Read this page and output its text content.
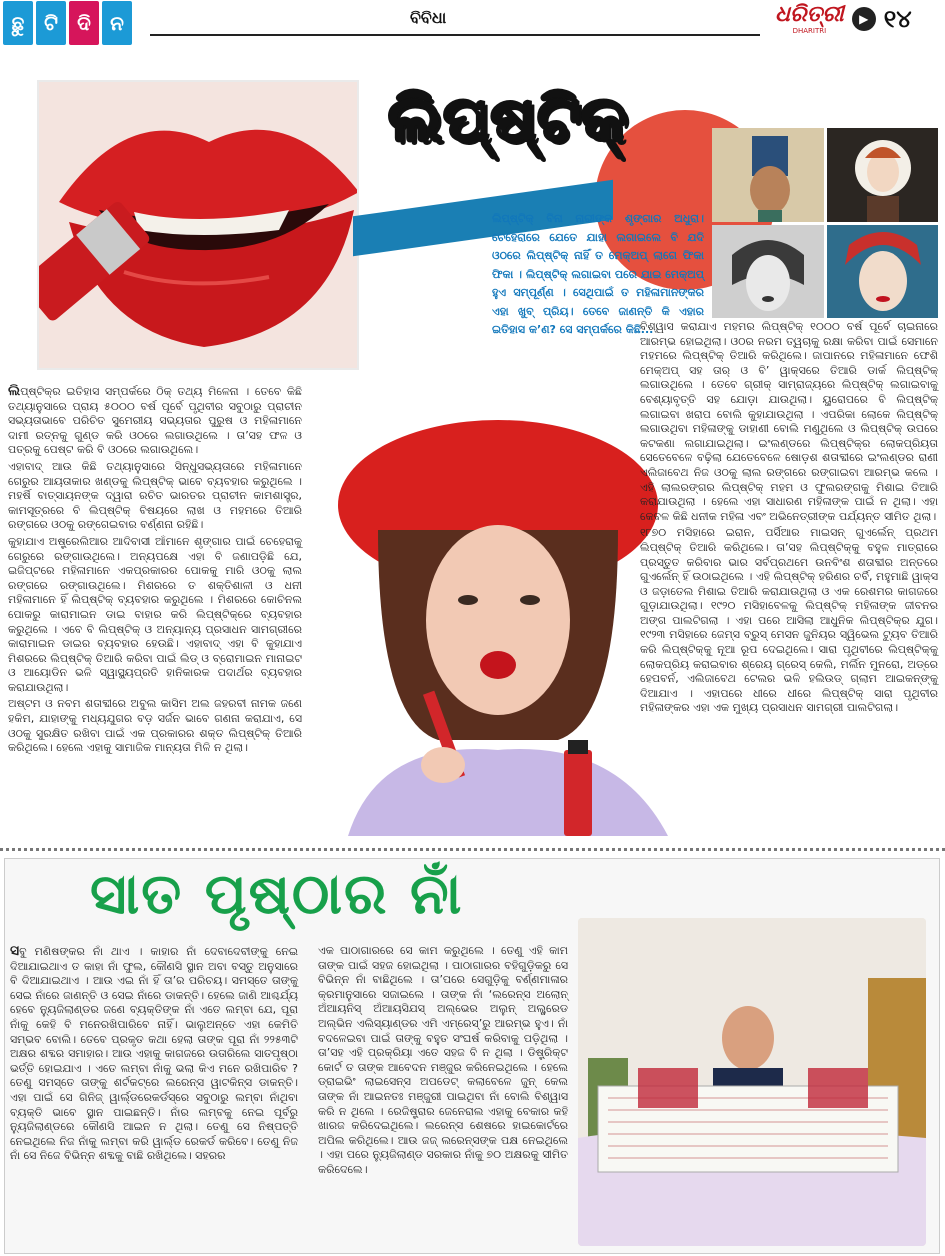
ଛୁ ଟି ଦି ନ	ବିବିଧା	ଧରିତ୍ରୀ
DHARITRI
▶ ୧୪
ଲିପ୍‌ଷ୍ଟିକ୍‌
ଲିପ୍‌ଷ୍ଟିକ୍ ବିନା ନାରୀଙ୍କ ଶୃଙ୍ଗାର ଅଧୁରା। ଚେହେରାରେ ଯେତେ ଯାହା ଲଗାଇଲେ ବି ଯଦି ଓଠରେ ଲିପ୍‌ଷ୍ଟିକ୍ ନାହିଁ ତ ମେକ୍‌ଅପ୍ ଲାଗେ ଫିକା ଫିକା । ଲିପ୍‌ଷ୍ଟିକ୍ ଲଗାଇବା ପରେ ଯାଇ ମେକ୍‌ଅପ୍ ହୁଏ ସମ୍ପୂର୍ଣ୍ଣ । ସେଥିପାଇଁ ତ ମହିଳାମାନଙ୍କର ଏହା ଖୁବ୍ ପ୍ରିୟ। ତେବେ ଜାଣନ୍ତି କି ଏହାର ଇତିହାସ କ’ଣ? ସେ ସମ୍ପର୍କରେ କିଛି...

ଲିପ୍‌ଷ୍ଟିକ୍‌ର ଇତିହାସ ସମ୍ପର୍କରେ ଠିକ୍ ତଥ୍ୟ ମିଳେନା । ତେବେ କିଛି ତଥ୍ୟାନୁସାରେ ପ୍ରାୟ ୫୦୦୦ ବର୍ଷ ପୂର୍ବେ ପୃଥିବୀର ସବୁଠାରୁ ପ୍ରାଚୀନ ସଭ୍ୟତାଭାବେ ପରିଚିତ ସୁମେରୀୟ ସଭ୍ୟତାର ପୁରୁଷ ଓ ମହିଳାମାନେ ଦାମୀ ରତ୍ନକୁ ଗୁଣ୍ଡ କରି ଓଠରେ ଲଗାଉଥିଲେ । ତା’ସହ ଫଳ ଓ ପତ୍ରକୁ ପେଷ୍ଟ କରି ବି ଓଠରେ ଲଗାଉଥିଲେ।

ଏହାବାଦ୍ ଆଉ କିଛି ତଥ୍ୟାନୁସାରେ ସିନ୍ଧୁସଭ୍ୟତାରେ ମହିଳାମାନେ ଗେରୁର ଆୟତାକାର ଖଣ୍ଡକୁ ଲିପ୍‌ଷ୍ଟିକ୍ ଭାବେ ବ୍ୟବହାର କରୁଥିଲେ । ମହର୍ଷି ବାତ୍ସାୟନଙ୍କ ଦ୍ୱାରା ରଚିତ ଭାରତର ପ୍ରାଚୀନ କାମଶାସ୍ତ୍ର, କାମସୂତ୍ରରେ ବି ଲିପ୍‌ଷ୍ଟିକ୍ ବିଷୟରେ ଲାଖ ଓ ମହମରେ ତିଆରି ରଙ୍ଗରେ ଓଠକୁ ରଙ୍ଗେଇବାର ବର୍ଣ୍ଣନା ରହିଛି।

କୁହାଯାଏ ଅଷ୍ଟ୍ରେଲିଆର ଆଦିବାସୀ ଆଁମାନେ ଶୃଙ୍ଗାର ପାଇଁ ଚେହେରାକୁ ଗେରୁରେ ରଙ୍ଗାଉଥିଲେ। ଅନ୍ୟପକ୍ଷେ ଏହା ବି ଜଣାପଡ଼ିଛି ଯେ, ଇଜିପ୍ଟରେ ମହିଳାମାନେ ଏକପ୍ରକାରର ପୋକକୁ ମାରି ଓଠକୁ ଲାଲ ରଙ୍ଗରେ ରଙ୍ଗାଉଥିଲେ। ମିଶରରେ ତ ଶକ୍ତିଶାଳୀ ଓ ଧନୀ ମହିଳାମାନେ ହିଁ ଲିପ୍‌ଷ୍ଟିକ୍ ବ୍ୟବହାର କରୁଥିଲେ । ମିଶରରେ କୋଚିନଲ ପୋକରୁ କାରାମାଇନ ଡାଇ ବାହାର କରି ଲିପ୍‌ଷ୍ଟିକ୍‌ରେ ବ୍ୟବହାର କରୁଥିଲେ । ଏବେ ବି ଲିପ୍‌ଷ୍ଟିକ୍ ଓ ଅନ୍ୟାନ୍ୟ ପ୍ରସାଧନ ସାମଗ୍ରୀରେ କାରାମାଇନ ଡାଇର ବ୍ୟବହାର ହେଉଛି। ଏହାବାଦ୍ ଏହା ବି କୁହାଯାଏ ମିଶରରେ ଲିପ୍‌ଷ୍ଟିକ୍ ତିଆରି କରିବା ପାଇଁ ଲିଡ୍ ଓ ବ୍ରୋମାଇନ ମାନାଇଟ ଓ ଆୟୋଡିନ ଭଳି ସ୍ୱାସ୍ଥ୍ୟପ୍ରତି ହାନିକାରକ ପଦାର୍ଥର ବ୍ୟବହାର କରାଯାଉଥିଲା।

ଅଷ୍ଟମ ଓ ନବମ ଶତାବ୍ଦୀରେ ଅବୁଲ କାସିମ ଅଲ ଜହରବୀ ନାମକ ଜଣେ ହକିମ, ଯାହାଙ୍କୁ ମଧ୍ୟଯୁଗର ବଡ଼ ସର୍ଜନ ଭାବେ ଗଣନା କରାଯାଏ, ସେ ଓଠକୁ ସୁରକ୍ଷିତ ରଖିବା ପାଇଁ ଏକ ପ୍ରକାରର ଶକ୍ତ ଲିପ୍‌ଷ୍ଟିକ୍ ତିଆରି କରିଥିଲେ। ହେଲେ ଏହାକୁ ସାମାଜିକ ମାନ୍ୟତା ମିଳି ନ ଥିଲା।

ବିଶ୍ୱାସ କରାଯାଏ ମହମର ଲିପ୍‌ଷ୍ଟିକ୍ ୧୦୦୦ ବର୍ଷ ପୂର୍ବେ ଚାଇନାରେ ଆରମ୍ଭ ହୋଇଥିଲା। ଓଠର ନରମ ତ୍ୱଚାକୁ ରକ୍ଷା କରିବା ପାଇଁ ସେମାନେ ମହମରେ ଲିପ୍‌ଷ୍ଟିକ୍ ତିଆରି କରିଥିଲେ। ଜାପାନରେ ମହିଳାମାନେ ଫେଶି ମେକ୍‌ଅପ୍ ସହ ତାର୍ ଓ ବି’ ୱାକ୍ସରେ ତିଆରି ଡାର୍କ ଲିପ୍‌ଷ୍ଟିକ୍ ଲଗାଉଥିଲେ । ତେବେ ଗ୍ରୀକ୍ ସାମ୍ରାଜ୍ୟରେ ଲିପ୍‌ଷ୍ଟିକ୍ ଲଗାଇବାକୁ ବେଶ୍ୟାବୃତ୍ତି ସହ ଯୋଡ଼ା ଯାଉଥିଲା। ୟୁରୋପରେ ବି ଲିପ୍‌ଷ୍ଟିକ୍ ଲଗାଇବା ଖରାପ ବୋଲି କୁହାଯାଉଥିଲା । ଏପରିକା ଲୋକେ ଲିପ୍‌ଷ୍ଟିକ୍ ଲଗାଉଥିବା ମହିଳାଙ୍କୁ ଡାହାଣୀ ବୋଲି ମଣୁଥିଲେ ଓ ଲିପ୍‌ଷ୍ଟିକ୍ ଉପରେ କଟକଣା ଲଗାଯାଇଥିଲା। ଇଂଲଣ୍ଡରେ ଲିପ୍‌ଷ୍ଟିକ୍‌ର ଲୋକପ୍ରିୟତା ସେତେବେଳେ ବଢ଼ିଲା ଯେତେବେଳେ ଷୋଡ଼ଶ ଶତାବ୍ଦୀରେ ଇଂଲଣ୍ଡର ରାଣୀ ଏଲିଜାବେଥ ନିଜ ଓଠକୁ ଲାଲ ରଙ୍ଗରେ ରଙ୍ଗାଇବା ଆରମ୍ଭ କଲେ । ଏହି ଲାଲରଙ୍ଗର ଲିପ୍‌ଷ୍ଟିକ୍ ମହମ ଓ ଫୁଲରଙ୍ଗକୁ ମିଶାଇ ତିଆରି କରାଯାଉଥିଲା । ହେଲେ ଏହା ସାଧାରଣ ମହିଳାଙ୍କ ପାଇଁ ନ ଥିଲା। ଏହା କେବଳ କିଛି ଧନୀକ ମହିଳା ଏବଂ ଅଭିନେତ୍ରୀଙ୍କ ପର୍ଯ୍ୟନ୍ତ ସୀମିତ ଥିଲା।

୧୮୭୦ ମସିହାରେ ଇରାନ, ପର୍ସିଆର ମାଇସନ୍ ଗୁଏର୍ଲେନ୍ ପ୍ରଥମ ଲିପ୍‌ଷ୍ଟିକ୍ ତିଆରି କରିଥିଲେ। ତା’ସହ ଲିପ୍‌ଷ୍ଟିକ୍‌କୁ ବହୁଳ ମାତ୍ରାରେ ପ୍ରସ୍ତୁତ କରିବାର ଭାର ସର୍ବପ୍ରଥମେ ଉନବିଂଶ ଶତାବ୍ଦୀର ଅନ୍ତରେ ଗୁଏର୍ଲେନ୍ ହିଁ ଉଠାଇଥିଲେ । ଏହି ଲିପ୍‌ଷ୍ଟିକ୍ ହରିଣର ଚର୍ବି, ମହୁମାଛି ୱାକ୍ସ ଓ ଜଡ଼ାତେଲ ମିଶାଇ ତିଆରି କରାଯାଉଥିଲା ଓ ଏକ ରେଶମର କାଗଜରେ ଗୁଡ଼ାଯାଉଥିଲା। ୧୯୨୦ ମସିହାବେଳକୁ ଲିପ୍‌ଷ୍ଟିକ୍ ମହିଳାଙ୍କ ଜୀବନର ଅଙ୍ଗ ପାଲଟିଗଲା । ଏହା ପରେ ଆସିଲା ଆଧୁନିକ ଲିପ୍‌ଷ୍ଟିକ୍‌ର ଯୁଗ। ୧୯୨୩ ମସିହାରେ ଜେମ୍ସ ବ୍ରୁସ୍ ମେସନ ଜୁନିୟର ସ୍ୱିଭେଲ ଟ୍ୟୁବ ତିଆରି କରି ଲିପ୍‌ଷ୍ଟିକ୍‌କୁ ନୂଆ ରୂପ ଦେଇଥିଲେ। ସାରା ପୃଥିବୀରେ ଲିପ୍‌ଷ୍ଟିକ୍‌କୁ ଲୋକପ୍ରିୟ କରାଇବାର ଶ୍ରେୟ ଗ୍ରେସ୍ କେଲି, ମର୍ଲିନ ମୁନରୋ, ଅଡ୍ରେ ହେପବର୍ନ, ଏଲିଜାବେଥ ଟେଲର ଭଳି ହଲିଉଡ୍ ଗ୍ଲାମ ଆଇକନ୍‌ଙ୍କୁ ଦିଆଯାଏ । ଏହାପରେ ଧୀରେ ଧୀରେ ଲିପ୍‌ଷ୍ଟିକ୍ ସାରା ପୃଥିବୀର ମହିଳାଙ୍କର ଏହା ଏକ ମୁଖ୍ୟ ପ୍ରସାଧନ ସାମଗ୍ରୀ ପାଲଟିଗଲା।

ସାତ ପୃଷ୍ଠାର ନାଁ

ସବୁ ମଣିଷଙ୍କର ନାଁ ଥାଏ । କାହାର ନାଁ ଦେବାଦେବୀଙ୍କୁ ନେଇ ଦିଆଯାଇଥାଏ ତ କାହା ନାଁ ଫୁଲ, କୌଣସି ସ୍ଥାନ ଅବା ବସ୍ତୁ ଅନୁସାରେ ବି ଦିଆଯାଇଥାଏ । ଆଉ ଏଇ ନାଁ ହିଁ ତା’ର ପରିଚୟ। ସମସ୍ତେ ତାଙ୍କୁ ସେଇ ନାଁରେ ଜାଣନ୍ତି ଓ ସେଇ ନାଁରେ ଡାକନ୍ତି। ହେଲେ ଜାଣି ଆଶ୍ଚର୍ଯ୍ୟ ହେବେ ନ୍ୟୁଜିଲାଣ୍ଡର ଜଣେ ବ୍ୟକ୍ତିଙ୍କ ନାଁ ଏତେ ଲମ୍ବା ଯେ, ପୂରା ନାଁକୁ କେହି ବି ମନେରଖିପାରିବେ ନାହିଁ। ଭାଲୁଅନ୍ତେ ଏହା କେମିତି ସମ୍ଭବ ବୋଲି। ତେବେ ପ୍ରକୃତ କଥା ହେଲା ତାଙ୍କ ପୂରା ନାଁ ୨୨୫୩ଟି ଅକ୍ଷର ଶବ୍ଦର ସମାହାର। ଆଉ ଏହାକୁ କାଗଜରେ ଉତାରିଲେ ସାତପୃଷ୍ଠା ଭର୍ତ୍ତି ହୋଇଯାଏ । ଏତେ ଲମ୍ବା ନାଁକୁ ଭଲା କିଏ ମନେ ରଖିପାରିବ ? ତେଣୁ ସମସ୍ତେ ତାଙ୍କୁ ଶର୍ଟକଟ୍‌ରେ ଲରେନ୍ସ ୱାଟକିନ୍ସ ଡାକନ୍ତି। ଏହା ପାଇଁ ସେ ଗିନିଜ୍ ୱାର୍ଲ୍ଡରେକର୍ଡସ୍‌ରେ ସବୁଠାରୁ ଲମ୍ବା ନାଁଥିବା ବ୍ୟକ୍ତି ଭାବେ ସ୍ଥାନ ପାଇଛନ୍ତି। ନାଁର ଲମ୍ବକୁ ନେଇ ପୂର୍ବରୁ ନ୍ୟୁଜିଲାଣ୍ଡରେ କୌଣସି ଆଇନ ନ ଥିଲା। ତେଣୁ ସେ ନିଷ୍ପତ୍ତି ନେଇଥିଲେ ନିଜ ନାଁକୁ ଲମ୍ବା କରି ୱାର୍ଲ୍ଡ ରେକର୍ଡ କରିବେ। ତେଣୁ ନିଜ ନାଁ ସେ ନିଜେ ବିଭିନ୍ନ ଶବ୍ଦକୁ ବାଛି ରଖିଥିଲେ। ସହରର

ଏକ ପାଠାଗାରରେ ସେ କାମ କରୁଥିଲେ । ତେଣୁ ଏହି କାମ ତାଙ୍କ ପାଇଁ ସହଜ ହୋଇଥିଲା । ପାଠାଗାରର ବହିଗୁଡ଼ିକରୁ ସେ ବିଭିନ୍ନ ନାଁ ବାଛିଥିଲେ । ତା’ପରେ ସେଗୁଡ଼ିକୁ ବର୍ଣ୍ଣମାଳାର କ୍ରମାନୁସାରେ ସଜାଇଲେ । ତାଙ୍କ ନାଁ ‘ଲରେନ୍ସ ଅଲୋନ୍ ଅଁଆୟନିସ୍ ଅଁଆୟସିଯସ୍ ଅଲ୍ଭେର ଅଲୁନ୍ ଅଲ୍ଫ୍ରେଡ ଅଲ୍ଭିନ ଏଲିସ୍ୟାଣ୍ଡର ଏମି ଏମ୍ରେସ୍’ରୁ ଆରମ୍ଭ ହୁଏ। ନାଁ ବଦଳେଇବା ପାଇଁ ତାଙ୍କୁ ବହୁତ ସଂଘର୍ଷ କରିବାକୁ ପଡ଼ିଥିଲା । ତା’ସହ ଏହି ପ୍ରକ୍ରିୟା ଏତେ ସହଜ ବି ନ ଥିଲା । ଡିଷ୍ଟ୍ରିକ୍ଟ କୋର୍ଟ ତ ତାଙ୍କ ଆବେଦନ ମଞ୍ଜୁର କରିନେଇଥିଲେ । ହେଲେ ଡ୍ରାଇଭିଂ ଲାଇସେନ୍ସ ଅପଡେଟ୍ କଲାବେଳେ ଜୁନ୍ କେଲ ତାଙ୍କ ନାଁ ଆଇନତଃ ମଞ୍ଜୁରୀ ପାଇଥିବା ନାଁ ବୋଲି ବିଶ୍ୱାସ କରି ନ ଥିଲେ । ରେଜିଷ୍ଟ୍ରାର ଜେନେରାଲ ଏହାକୁ ବେକାର କହି ଖାରଜ କରିଦେଇଥିଲେ। ଲରେନ୍ସ ଶେଷରେ ହାଇକୋର୍ଟରେ ଅପିଲ କରିଥିଲେ। ଆଉ ଜଜ୍ ଲରେନ୍ସଙ୍କ ପକ୍ଷ ନେଇଥିଲେ । ଏହା ପରେ ନ୍ୟୁଜିଲାଣ୍ଡ ସରକାର ନାଁକୁ ୭୦ ଅକ୍ଷରକୁ ସୀମିତ କରିଦେଲେ।
